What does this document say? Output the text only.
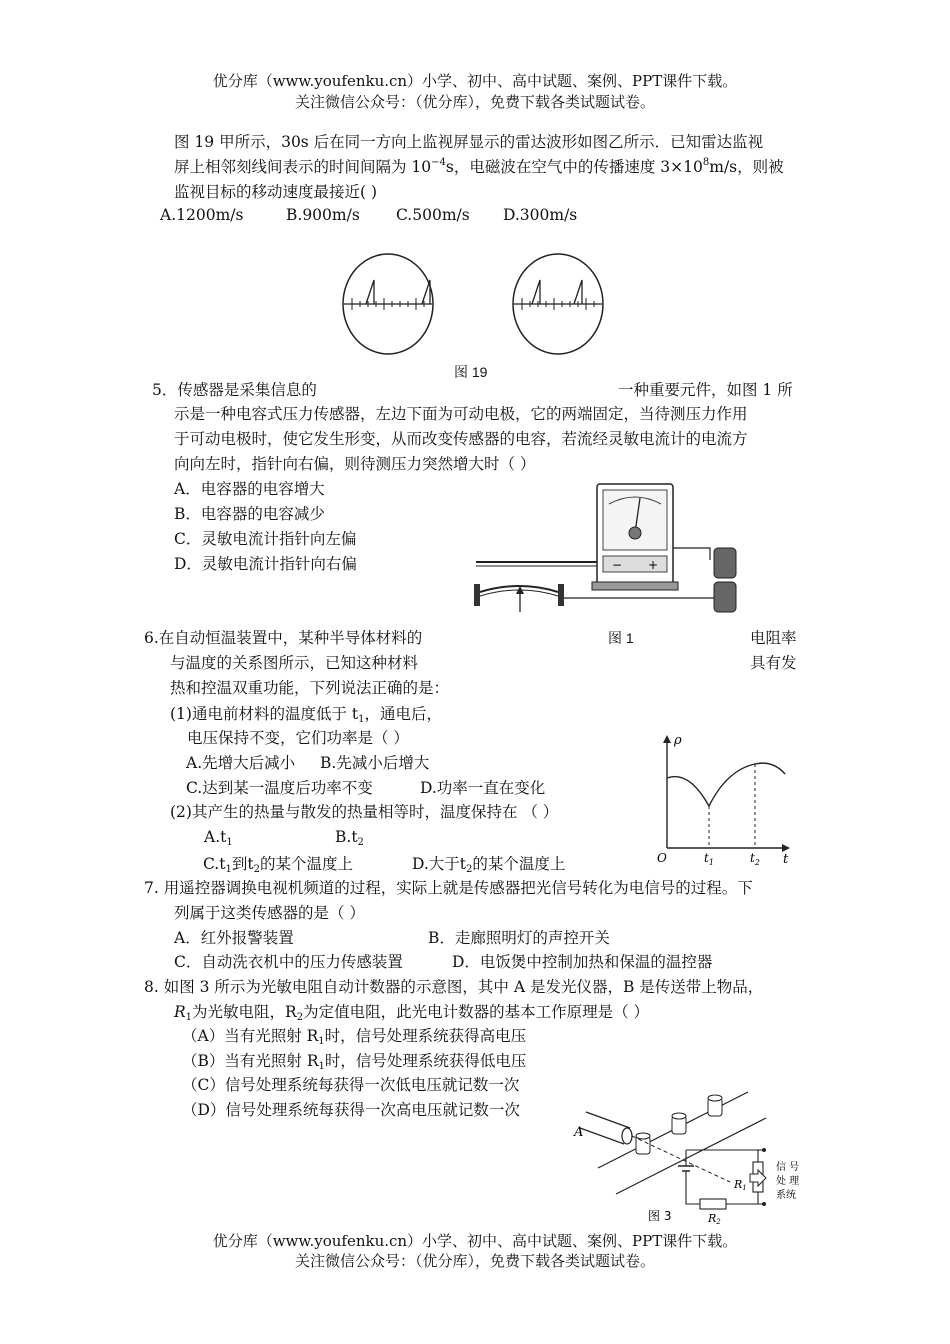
优分库（www.youfenku.cn）小学、初中、高中试题、案例、PPT课件下载。
关注微信公众号：（优分库），免费下载各类试题试卷。
图 19 甲所示，30s 后在同一方向上监视屏显示的雷达波形如图乙所示．已知雷达监视
屏上相邻刻线间表示的时间间隔为 $10^{-4}s$，电磁波在空气中的传播速度 $3\times 10^8m/s$，则被
监视目标的移动速度最接近( )
A.1200m/s	B.900m/s C.500m/s D.300m/s
图 19
5．传感器是采集信息的	一种重要元件，如图 1 所
示是一种电容式压力传感器，左边下面为可动电极，它的两端固定，当待测压力作用
于可动电极时，使它发生形变，从而改变传感器的电容，若流经灵敏电流计的电流方
向向左时，指针向右偏，则待测压力突然增大时（ ）
A．电容器的电容增大
B．电容器的电容减少
C．灵敏电流计指针向左偏
D．灵敏电流计指针向右偏	− +
6.在自动恒温装置中，某种半导体材料的	图 1	电阻率
与温度的关系图所示，已知这种材料	具有发
热和控温双重功能，下列说法正确的是：
(1)通电前材料的温度低于 $t_1$，通电后，
电压保持不变，它们功率是（ ）
A.先增大后减小 B.先减小后增大
C.达到某一温度后功率不变	D.功率一直在变化
(2)其产生的热量与散发的热量相等时，温度保持在 （ ）
$A.t_1$	$B.t_2$
$C.t_1$到$t_2$的某个温度上	D.大于$t_2$的某个温度上
ρ
t
O	$t_1$	$t_2$
7. 用遥控器调换电视机频道的过程，实际上就是传感器把光信号转化为电信号的过程。下
列属于这类传感器的是（ ）
A．红外报警装置	B．走廊照明灯的声控开关
C．自动洗衣机中的压力传感装置	D．电饭煲中控制加热和保温的温控器
8. 如图 3 所示为光敏电阻自动计数器的示意图，其中 A 是发光仪器，B 是传送带上物品，
$R_1$为光敏电阻，$R_2$为定值电阻，此光电计数器的基本工作原理是（ ）
（A）当有光照射 $R_1$时，信号处理系统获得高电压
（B）当有光照射 $R_1$时，信号处理系统获得低电压
（C）信号处理系统每获得一次低电压就记数一次
（D）信号处理系统每获得一次高电压就记数一次
A
R1
R2
信 号
处 理
系统
图 3
优分库（www.youfenku.cn）小学、初中、高中试题、案例、PPT课件下载。
关注微信公众号：（优分库），免费下载各类试题试卷。
